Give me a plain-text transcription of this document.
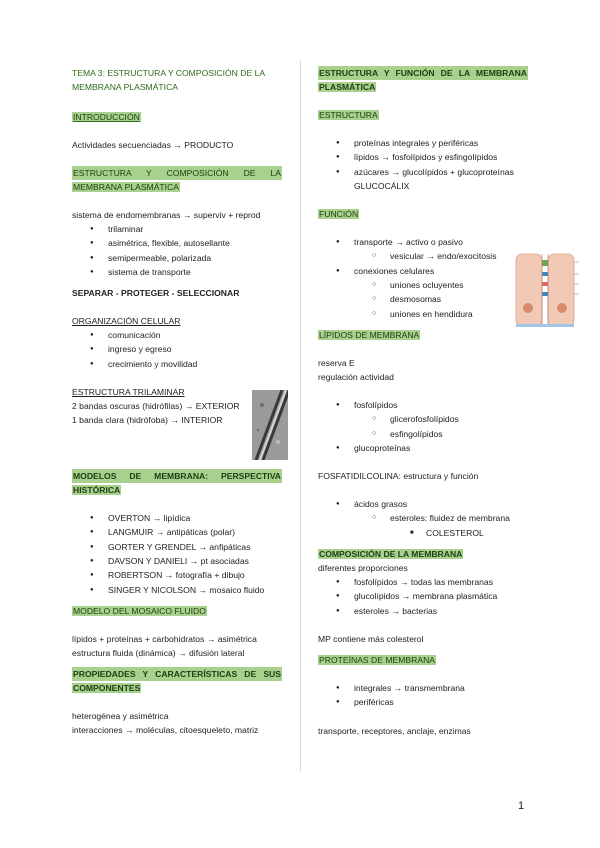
TEMA 3: ESTRUCTURA Y COMPOSICIÓN DE LA
MEMBRANA PLASMÁTICA
INTRODUCCIÓN

Actividades secuenciadas → PRODUCTO

ESTRUCTURA Y COMPOSICIÓN DE LA
MEMBRANA PLASMÁTICA

sistema de endomembranas → superviv + reprod

● trilaminar
● asimétrica, flexible, autosellante
● semipermeable, polarizada
● sistema de transporte

SEPARAR - PROTEGER - SELECCIONAR

ORGANIZACIÓN CELULAR

● comunicación
● ingreso y egreso
● crecimiento y movilidad

ESTRUCTURA TRILAMINAR

2 bandas oscuras (hidrófilas) → EXTERIOR

1 banda clara (hidrófoba) → INTERIOR

MODELOS DE MEMBRANA: PERSPECTIVA
HISTÓRICA
● OVERTON → lipídica
● LANGMUIR → antipáticas (polar)
● GORTER Y GRENDEL → anfipáticas
● DAVSON Y DANIELI → pt asociadas
● ROBERTSON → fotografía + dibujo
● SINGER Y NICOLSON → mosaico fluido
MODELO DEL MOSAICO FLUIDO

lípidos + proteínas + carbohidratos → asimétrica

estructura fluida (dinámica) → difusión lateral

PROPIEDADES Y CARACTERÍSTICAS DE SUS
COMPONENTES

heterogénea y asimétrica

interacciones → moléculas, citoesqueleto, matriz

ESTRUCTURA Y FUNCIÓN DE LA MEMBRANA
PLASMÁTICA
ESTRUCTURA
● proteínas integrales y periféricas
● lípidos → fosfolípidos y esfingolípidos
● azúcares → glucolípidos + glucoproteínas
GLUCOCÁLIX
FUNCIÓN
● transporte → activo o pasivo
○ vesicular → endo/exocitosis
● conexiones celulares
○ uniones ocluyentes
○ desmosomas
○ uniones en hendidura
LÍPIDOS DE MEMBRANA

reserva E

regulación actividad

● fosfolípidos
○ glicerofosfolípidos
○ esfingolípidos
● glucoproteínas

FOSFATIDILCOLINA: estructura y función

● ácidos grasos
○ esteroles: fluidez de membrana
■ COLESTEROL
COMPOSICIÓN DE LA MEMBRANA

diferentes proporciones

● fosfolípidos → todas las membranas
● glucolípidos → membrana plasmática
● esteroles → bacterias

MP contiene más colesterol

PROTEÍNAS DE MEMBRANA
● integrales → transmembrana
● periféricas

transporte, receptores, anclaje, enzimas

1
